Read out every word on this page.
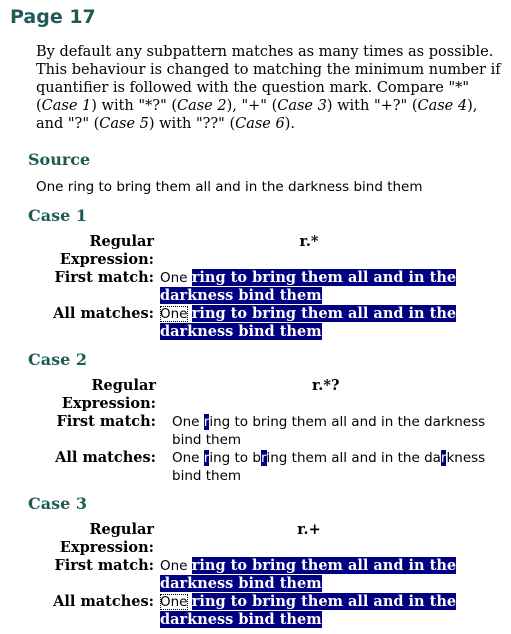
Page 17

By default any subpattern matches as many times as possible. This behaviour is changed to matching the minimum number if quantifier is followed with the question mark. Compare "*" (Case 1) with "*?" (Case 2), "+" (Case 3) with "+?" (Case 4), and "?" (Case 5) with "??" (Case 6).

Source

One ring to bring them all and in the darkness bind them

Case 1
Regular Expression:	r.*
First match:	One ring to bring them all and in the darkness bind them
All matches:	One ring to bring them all and in the darkness bind them
Case 2
Regular Expression:	r.*?
First match:	One ring to bring them all and in the darkness bind them
All matches:	One ring to bring them all and in the darkness bind them
Case 3
Regular Expression:	r.+
First match:	One ring to bring them all and in the darkness bind them
All matches:	One ring to bring them all and in the darkness bind them
